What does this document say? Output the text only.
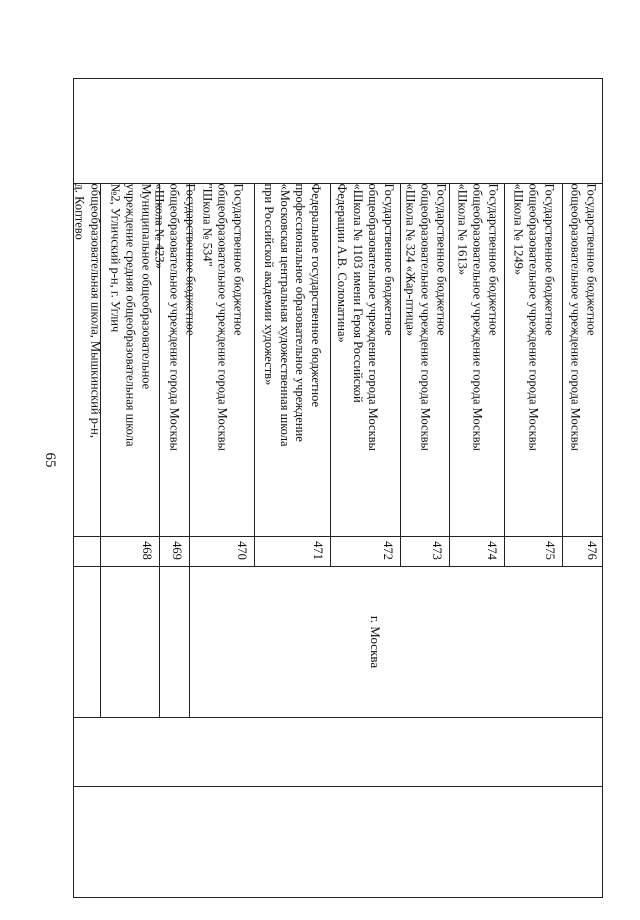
65
г. Москва

общеобразовательная школа, Мышкинский р-н,

д. Коптево	Муниципальное общеобразовательное

учреждение средняя общеобразовательная школа

№2, Угличский р-н, г. Углич

468

Государственное бюджетное

общеобразовательное учреждение города Москвы

«Школа № 423»

469

Государственное бюджетное

общеобразовательное учреждение города Москвы

"Школа № 534"

470

Федеральное государственное бюджетное

профессиональное образовательное учреждение

«Московская центральная художественная школа

при Российской академии художеств»

471

Государственное бюджетное

общеобразовательное учреждение города Москвы

«Школа № 1103 имени Героя Российской

Федерации А.В. Соломатина»

472

Государственное бюджетное

общеобразовательное учреждение города Москвы

«Школа № 324 «Жар-птица»

473

Государственное бюджетное

общеобразовательное учреждение города Москвы

«Школа № 1613»

474

Государственное бюджетное

общеобразовательное учреждение города Москвы

«Школа № 1249»

475

Государственное бюджетное

общеобразовательное учреждение города Москвы

476
